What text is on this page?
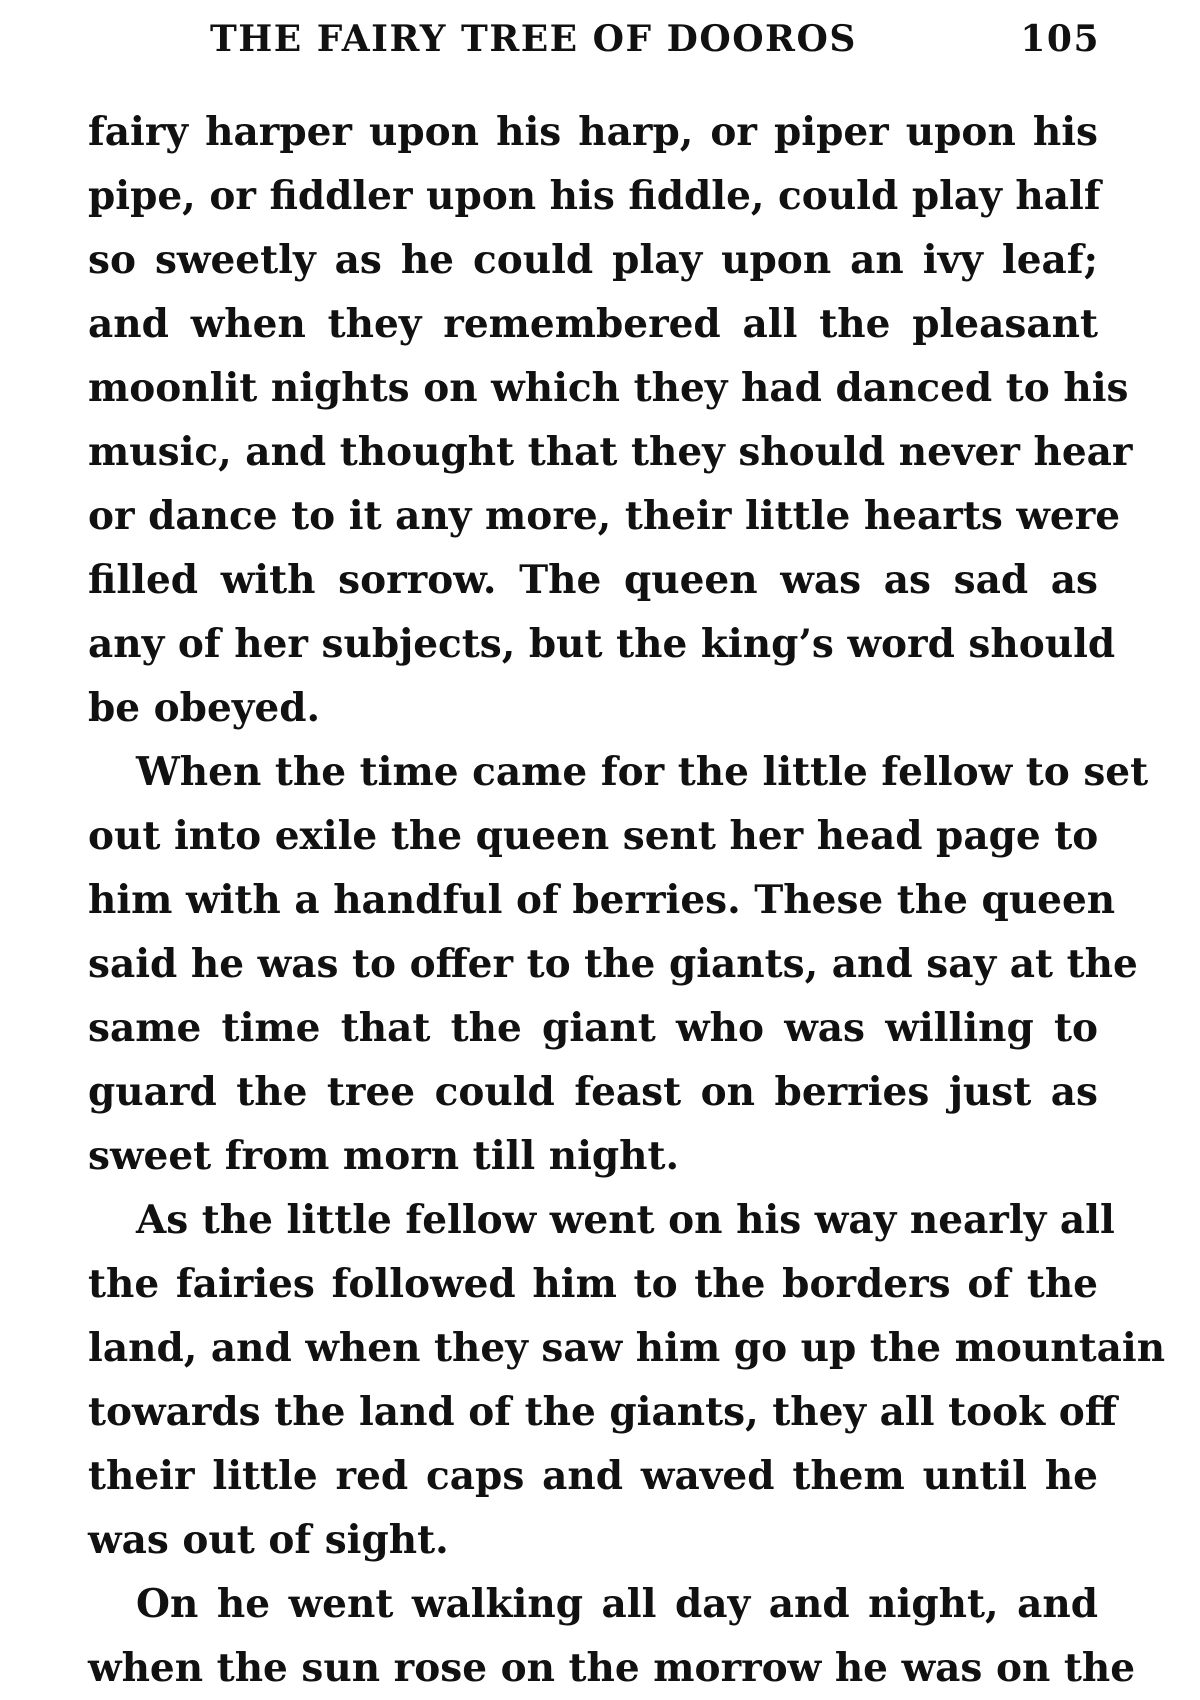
THE FAIRY TREE OF DOOROS	105
fairy harper upon his harp, or piper upon his
pipe, or fiddler upon his fiddle, could play half
so sweetly as he could play upon an ivy leaf;
and when they remembered all the pleasant
moonlit nights on which they had danced to his
music, and thought that they should never hear
or dance to it any more, their little hearts were
filled with sorrow. The queen was as sad as
any of her subjects, but the king’s word should
be obeyed.
When the time came for the little fellow to set
out into exile the queen sent her head page to
him with a handful of berries. These the queen
said he was to offer to the giants, and say at the
same time that the giant who was willing to
guard the tree could feast on berries just as
sweet from morn till night.
As the little fellow went on his way nearly all
the fairies followed him to the borders of the
land, and when they saw him go up the mountain
towards the land of the giants, they all took off
their little red caps and waved them until he
was out of sight.
On he went walking all day and night, and
when the sun rose on the morrow he was on the
